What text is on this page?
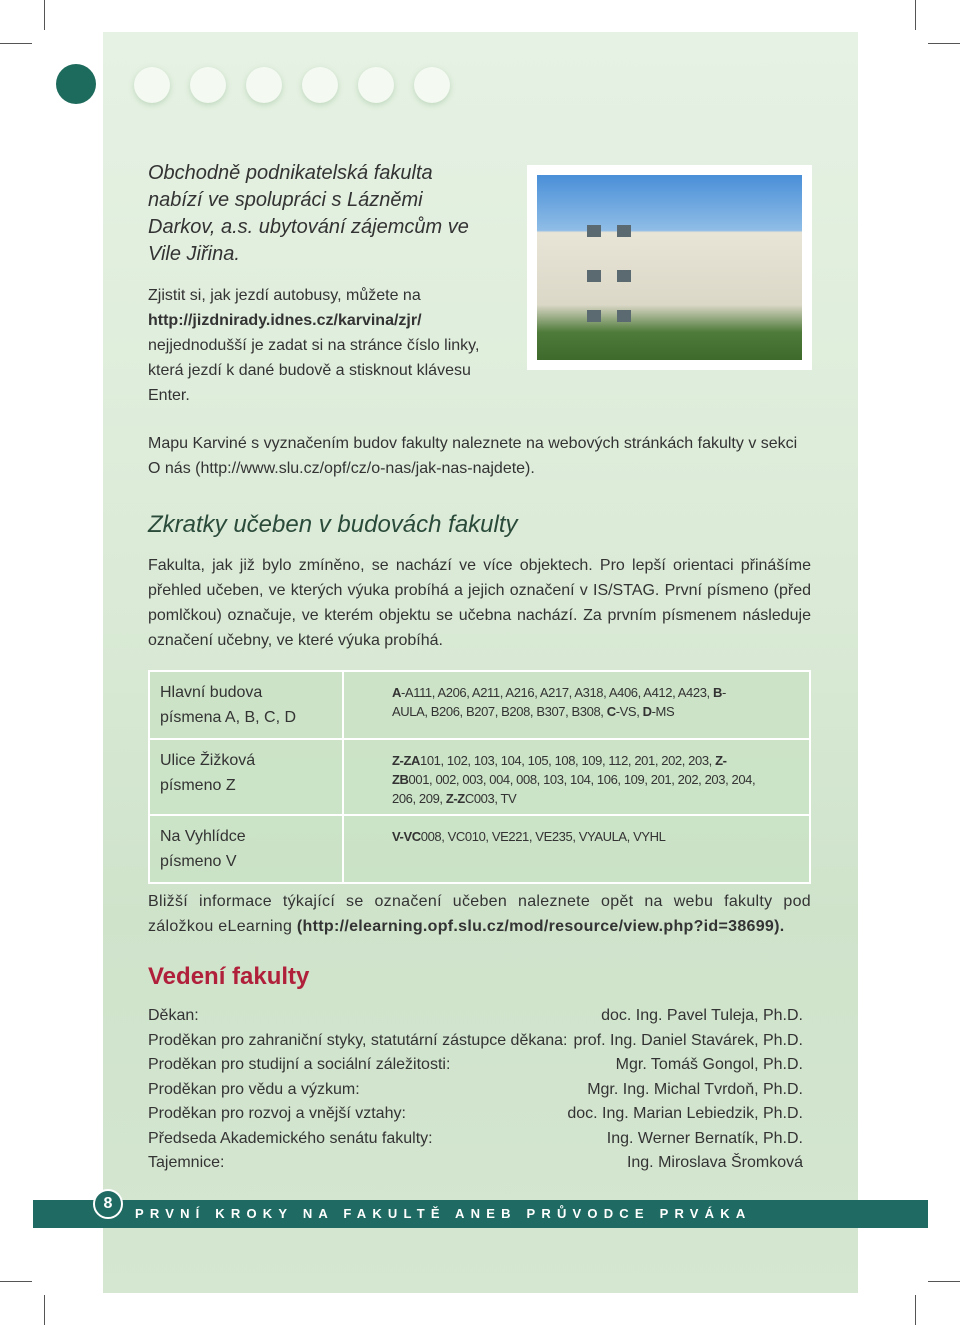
Obchodně podnikatelská fakulta nabízí ve spolupráci s Lázněmi Darkov, a.s. ubytování zájemcům ve Vile Jiřina.
Zjistit si, jak jezdí autobusy, můžete na
http://jizdnirady.idnes.cz/karvina/zjr/
nejjednodušší je zadat si na stránce číslo linky, která jezdí k dané budově a stisknout klávesu Enter.
Mapu Karviné s vyznačením budov fakulty naleznete na webových stránkách fakulty v sekci O nás (http://www.slu.cz/opf/cz/o-nas/jak-nas-najdete).
Zkratky učeben v budovách fakulty
Fakulta, jak již bylo zmíněno, se nachází ve více objektech. Pro lepší orientaci přinášíme přehled učeben, ve kterých výuka probíhá a jejich označení v IS/STAG. První písmeno (před pomlčkou) označuje, ve kterém objektu se učebna nachází. Za prvním písmenem následuje označení učebny, ve které výuka probíhá.
Hlavní budova
písmena A, B, C, D	A-A111, A206, A211, A216, A217, A318, A406, A412, A423, B-AULA, B206, B207, B208, B307, B308, C-VS, D-MS
Ulice Žižková
písmeno Z	Z-ZA101, 102, 103, 104, 105, 108, 109, 112, 201, 202, 203, Z-ZB001, 002, 003, 004, 008, 103, 104, 106, 109, 201, 202, 203, 204, 206, 209, Z-ZC003, TV
Na Vyhlídce
písmeno V	V-VC008, VC010, VE221, VE235, VYAULA, VYHL
Bližší informace týkající se označení učeben naleznete opět na webu fakulty pod záložkou eLearning (http://elearning.opf.slu.cz/mod/resource/view.php?id=38699).
Vedení fakulty
Děkan:	doc. Ing. Pavel Tuleja, Ph.D.
Proděkan pro zahraniční styky, statutární zástupce děkana: prof. Ing. Daniel Stavárek, Ph.D.
Proděkan pro studijní a sociální záležitosti:	Mgr. Tomáš Gongol, Ph.D.
Proděkan pro vědu a výzkum:	Mgr. Ing. Michal Tvrdoň, Ph.D.
Proděkan pro rozvoj a vnější vztahy:	doc. Ing. Marian Lebiedzik, Ph.D.
Předseda Akademického senátu fakulty:	Ing. Werner Bernatík, Ph.D.
Tajemnice:	Ing. Miroslava Šromková
8
PRVNÍ KROKY NA FAKULTĚ ANEB PRŮVODCE PRVÁKA
